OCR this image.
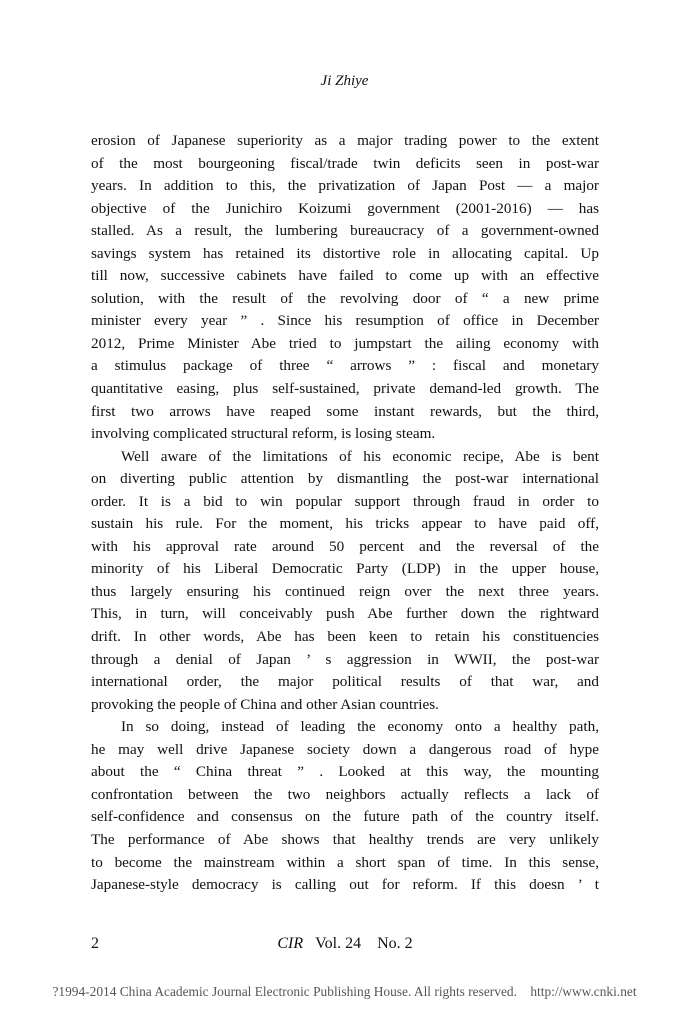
Ji Zhiye
erosion of Japanese superiority as a major trading power to the extent
of the most bourgeoning fiscal/trade twin deficits seen in post-war
years. In addition to this, the privatization of Japan Post — a major
objective of the Junichiro Koizumi government (2001-2016) — has
stalled. As a result, the lumbering bureaucracy of a government-owned
savings system has retained its distortive role in allocating capital. Up
till now, successive cabinets have failed to come up with an effective
solution, with the result of the revolving door of “ a new prime
minister every year ” . Since his resumption of office in December
2012, Prime Minister Abe tried to jumpstart the ailing economy with
a stimulus package of three “ arrows ” : fiscal and monetary
quantitative easing, plus self-sustained, private demand-led growth. The
first two arrows have reaped some instant rewards, but the third,
involving complicated structural reform, is losing steam.
Well aware of the limitations of his economic recipe, Abe is bent
on diverting public attention by dismantling the post-war international
order. It is a bid to win popular support through fraud in order to
sustain his rule. For the moment, his tricks appear to have paid off,
with his approval rate around 50 percent and the reversal of the
minority of his Liberal Democratic Party (LDP) in the upper house,
thus largely ensuring his continued reign over the next three years.
This, in turn, will conceivably push Abe further down the rightward
drift. In other words, Abe has been keen to retain his constituencies
through a denial of Japan ’ s aggression in WWII, the post-war
international order, the major political results of that war, and
provoking the people of China and other Asian countries.
In so doing, instead of leading the economy onto a healthy path,
he may well drive Japanese society down a dangerous road of hype
about the “ China threat ” . Looked at this way, the mounting
confrontation between the two neighbors actually reflects a lack of
self-confidence and consensus on the future path of the country itself.
The performance of Abe shows that healthy trends are very unlikely
to become the mainstream within a short span of time. In this sense,
Japanese-style democracy is calling out for reform. If this doesn ’ t
2	CIR Vol. 24    No. 2
?1994-2014 China Academic Journal Electronic Publishing House. All rights reserved.    http://www.cnki.net
